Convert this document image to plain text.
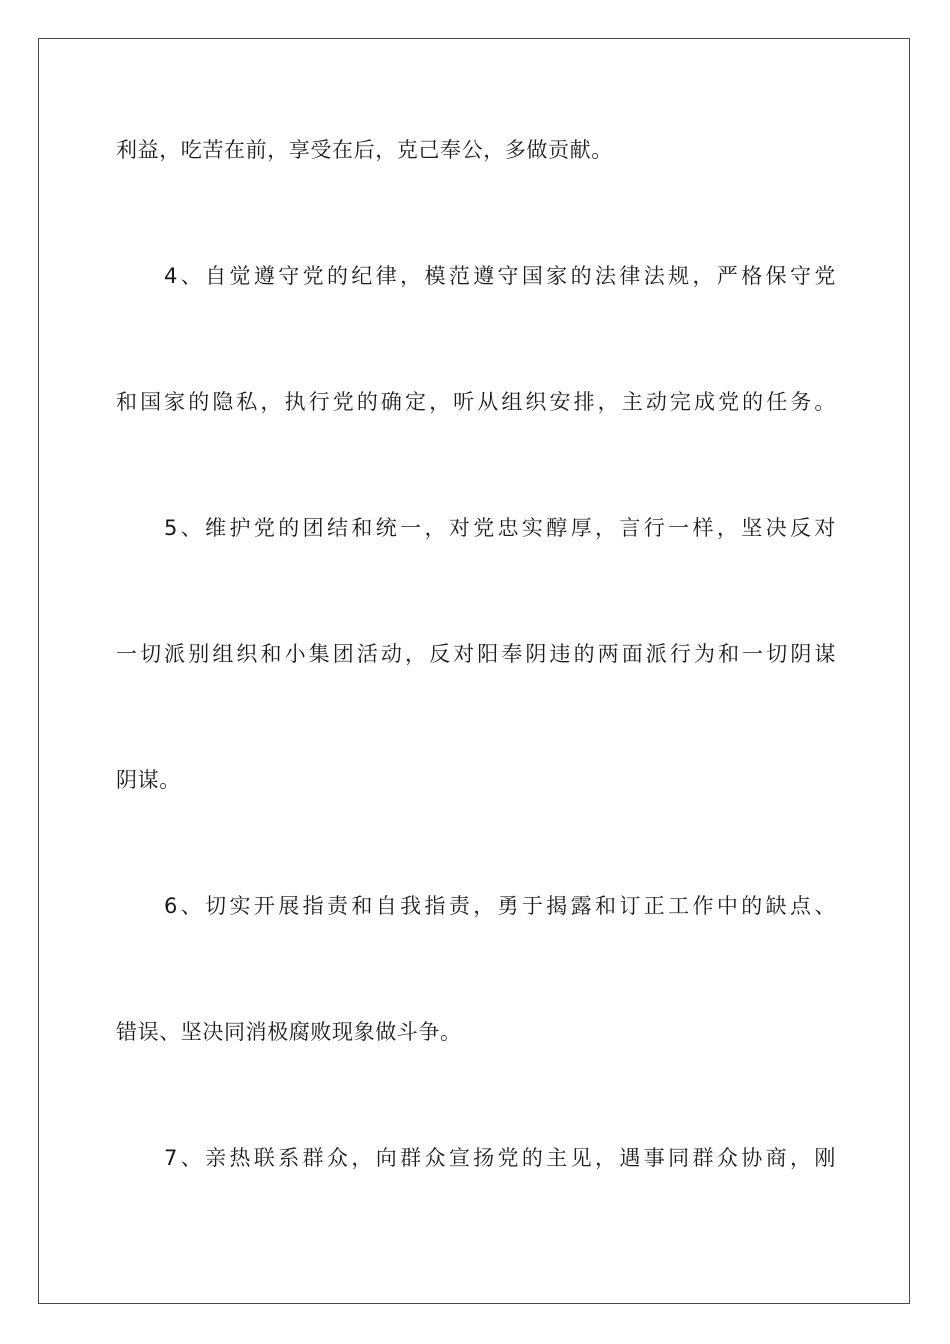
利益，吃苦在前，享受在后，克己奉公，多做贡献。
4、自觉遵守党的纪律，模范遵守国家的法律法规，严格保守党
和国家的隐私，执行党的确定，听从组织安排，主动完成党的任务。
5、维护党的团结和统一，对党忠实醇厚，言行一样，坚决反对
一切派别组织和小集团活动，反对阳奉阴违的两面派行为和一切阴谋
阴谋。
6、切实开展指责和自我指责，勇于揭露和订正工作中的缺点、
错误、坚决同消极腐败现象做斗争。
7、亲热联系群众，向群众宣扬党的主见，遇事同群众协商，刚
